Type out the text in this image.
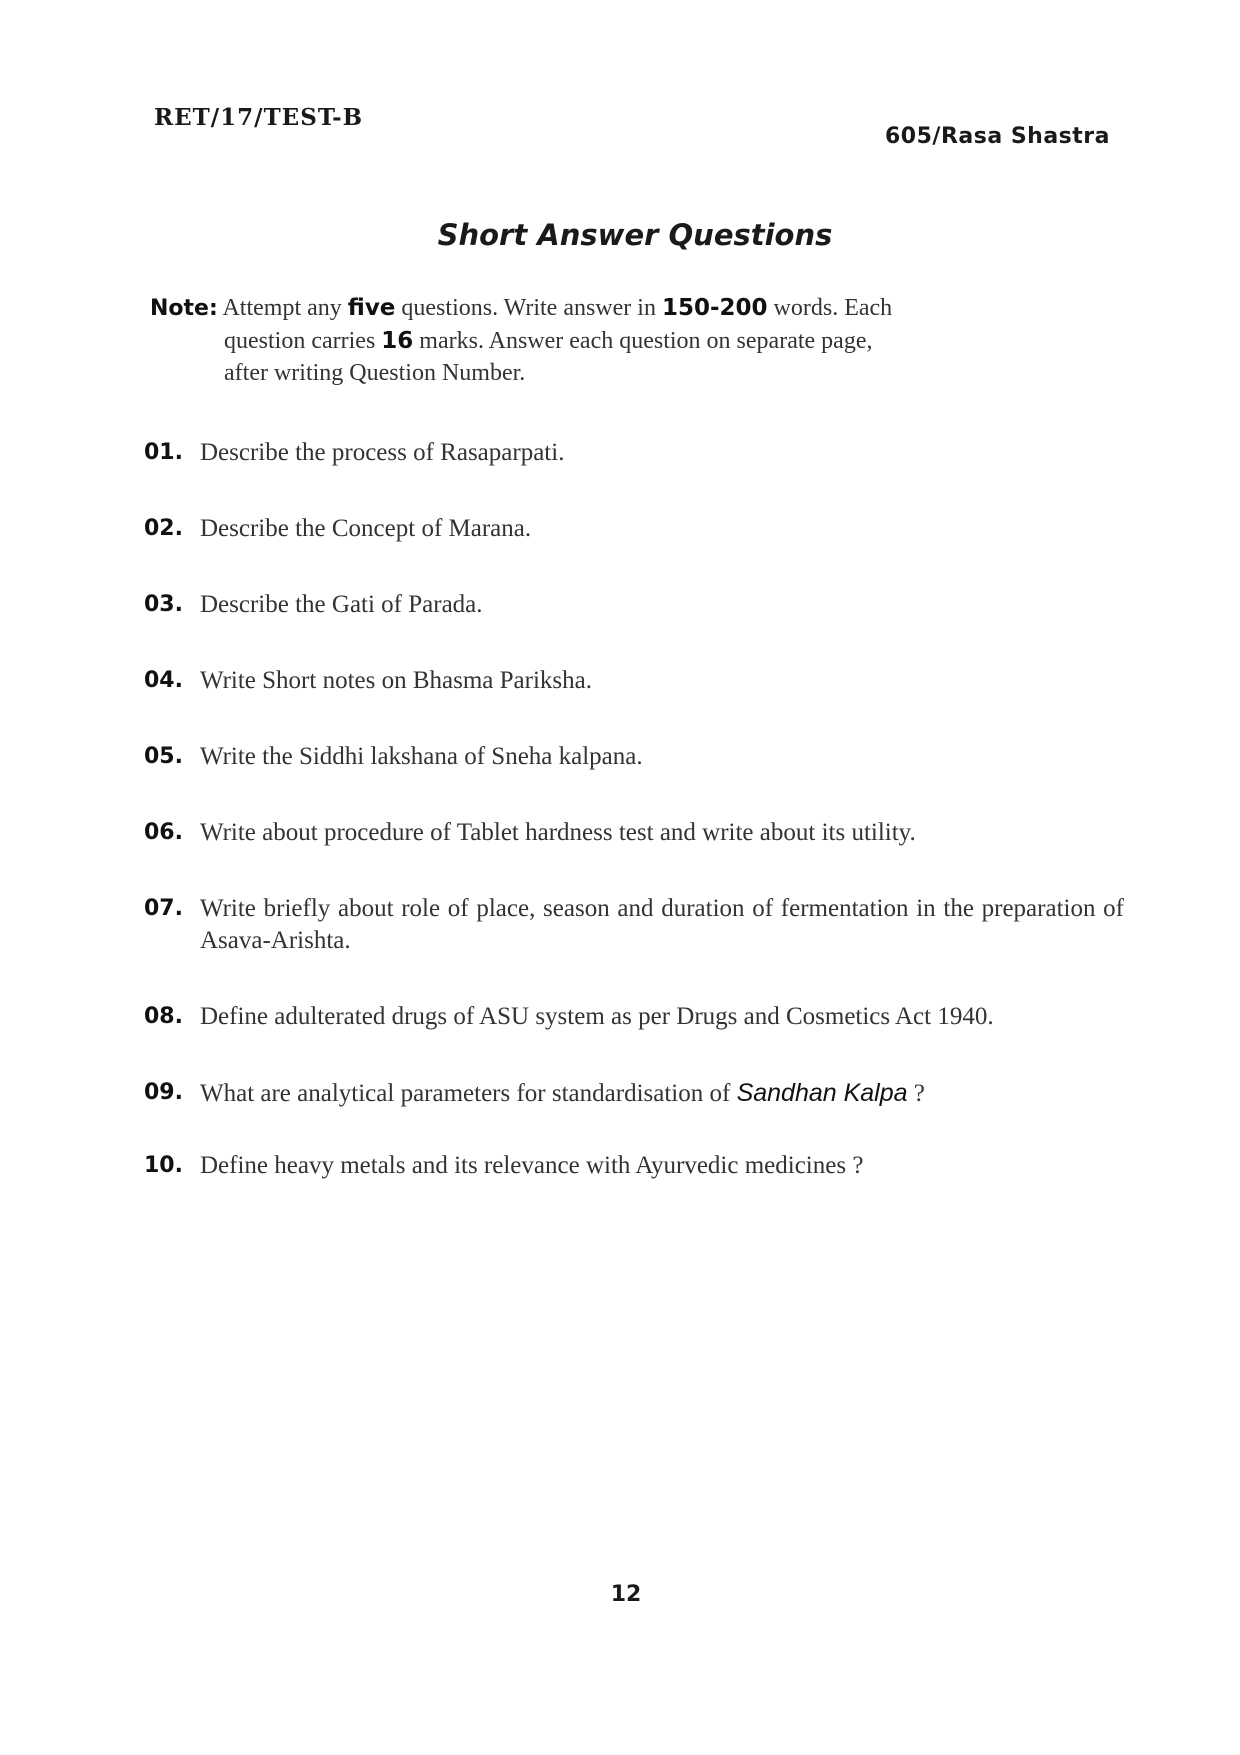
RET/17/TEST-B
605/Rasa Shastra
Short Answer Questions
Note: Attempt any five questions. Write answer in 150-200 words. Each
question carries 16 marks. Answer each question on separate page,
after writing Question Number.
01. Describe the process of Rasaparpati.
02. Describe the Concept of Marana.
03. Describe the Gati of Parada.
04. Write Short notes on Bhasma Pariksha.
05. Write the Siddhi lakshana of Sneha kalpana.
06. Write about procedure of Tablet hardness test and write about its utility.
07. Write briefly about role of place, season and duration of fermentation in the preparation of Asava-Arishta.
08. Define adulterated drugs of ASU system as per Drugs and Cosmetics Act 1940.
09. What are analytical parameters for standardisation of Sandhan Kalpa ?
10. Define heavy metals and its relevance with Ayurvedic medicines ?
12
